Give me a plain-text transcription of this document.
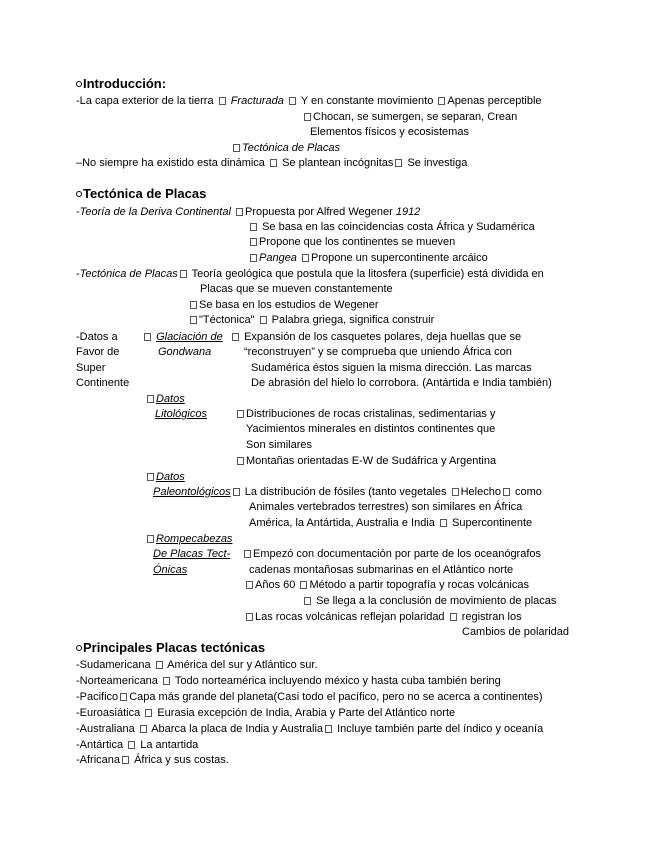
Introducción:
-La capa exterior de la tierra Fracturada Y en constante movimiento Apenas perceptible
Chocan, se sumergen, se separan, Crean
Elementos físicos y ecosistemas
Tectónica de Placas
–No siempre ha existido esta dinámica Se plantean incógnitas Se investiga
Tectónica de Placas
-Teoría de la Deriva Continental Propuesta por Alfred Wegener 1912
Se basa en las coincidencias costa África y Sudamérica
Propone que los continentes se mueven
Pangea Propone un supercontinente arcáico
-Tectónica de Placas Teoría geológica que postula que la litosfera (superficie) está dividida en
Placas que se mueven constantemente
Se basa en los estudios de Wegener
"Téctonica" Palabra griega, significa construir
-Datos a
Favor de
Super
Continente
Glaciación de
Gondwana
Expansión de los casquetes polares, deja huellas que se
“reconstruyen” y se comprueba que uniendo África con
Sudamérica éstos siguen la misma dirección. Las marcas
De abrasión del hielo lo corrobora. (Antártida e India también)
Datos
Litológicos	Distribuciones de rocas cristalinas, sedimentarias y
Yacimientos minerales en distintos continentes que
Son similares
Montañas orientadas E-W de Sudáfrica y Argentina
Datos
Paleontológicos La distribución de fósiles (tanto vegetales Helecho como
Animales vertebrados terrestres) son similares en África
América, la Antártida, Australia e India Supercontinente
Rompecabezas
De Placas Tect-
Ónicas
Empezó con documentación por parte de los oceanógrafos
cadenas montañosas submarinas en el Atlántico norte
Años 60 Método a partir topografía y rocas volcánicas
Se llega a la conclusión de movimiento de placas
Las rocas volcánicas reflejan polaridad registran los
Cambios de polaridad
Principales Placas tectónicas
-Sudamericana América del sur y Atlántico sur.
-Norteamericana Todo norteamérica incluyendo méxico y hasta cuba también bering
-Pacifico Capa más grande del planeta(Casi todo el pacífico, pero no se acerca a continentes)
-Euroasiática Eurasia excepción de India, Arabia y Parte del Atlántico norte
-Australiana Abarca la placa de India y Australia Incluye también parte del índico y oceanía
-Antártica La antartida
-Africana África y sus costas.
